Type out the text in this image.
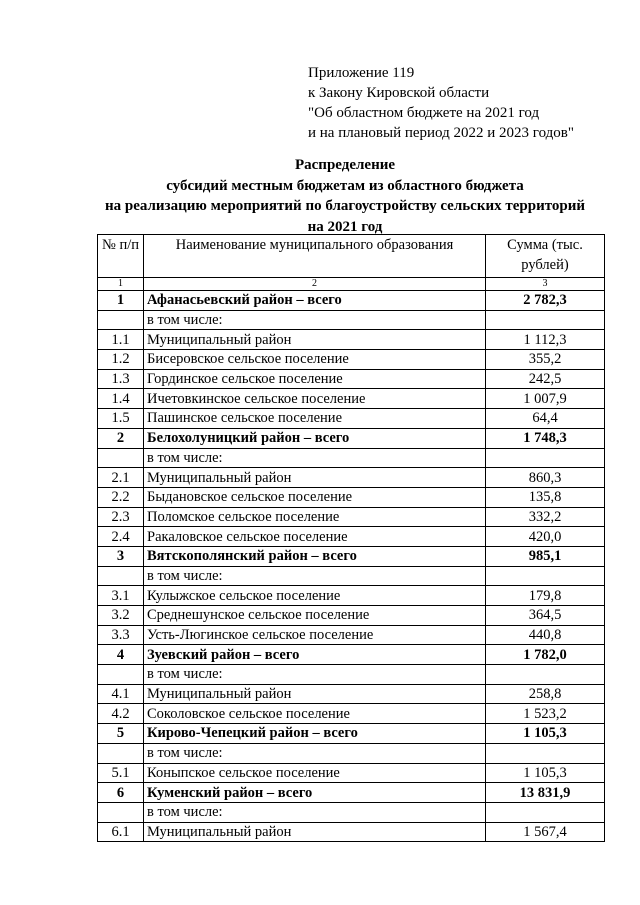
Приложение 119
к Закону Кировской области
"Об областном бюджете на 2021 год
и на плановый период 2022 и 2023 годов"
Распределение
субсидий местным бюджетам из областного бюджета
на реализацию мероприятий по благоустройству сельских территорий
на 2021 год
№ п/п	Наименование муниципального образования	Сумма (тыс. рублей)
1	2	3
1	Афанасьевский район – всего	2 782,3
	в том числе:	
1.1	Муниципальный район	1 112,3
1.2	Бисеровское сельское поселение	355,2
1.3	Гординское сельское поселение	242,5
1.4	Ичетовкинское сельское поселение	1 007,9
1.5	Пашинское сельское поселение	64,4
2	Белохолуницкий район – всего	1 748,3
	в том числе:	
2.1	Муниципальный район	860,3
2.2	Быдановское сельское поселение	135,8
2.3	Поломское сельское поселение	332,2
2.4	Ракаловское сельское поселение	420,0
3	Вятскополянский район – всего	985,1
	в том числе:	
3.1	Кулыжское сельское поселение	179,8
3.2	Среднешунское сельское поселение	364,5
3.3	Усть-Люгинское сельское поселение	440,8
4	Зуевский район – всего	1 782,0
	в том числе:	
4.1	Муниципальный район	258,8
4.2	Соколовское сельское поселение	1 523,2
5	Кирово-Чепецкий район – всего	1 105,3
	в том числе:	
5.1	Коныпское сельское поселение	1 105,3
6	Куменский район – всего	13 831,9
	в том числе:	
6.1	Муниципальный район	1 567,4
